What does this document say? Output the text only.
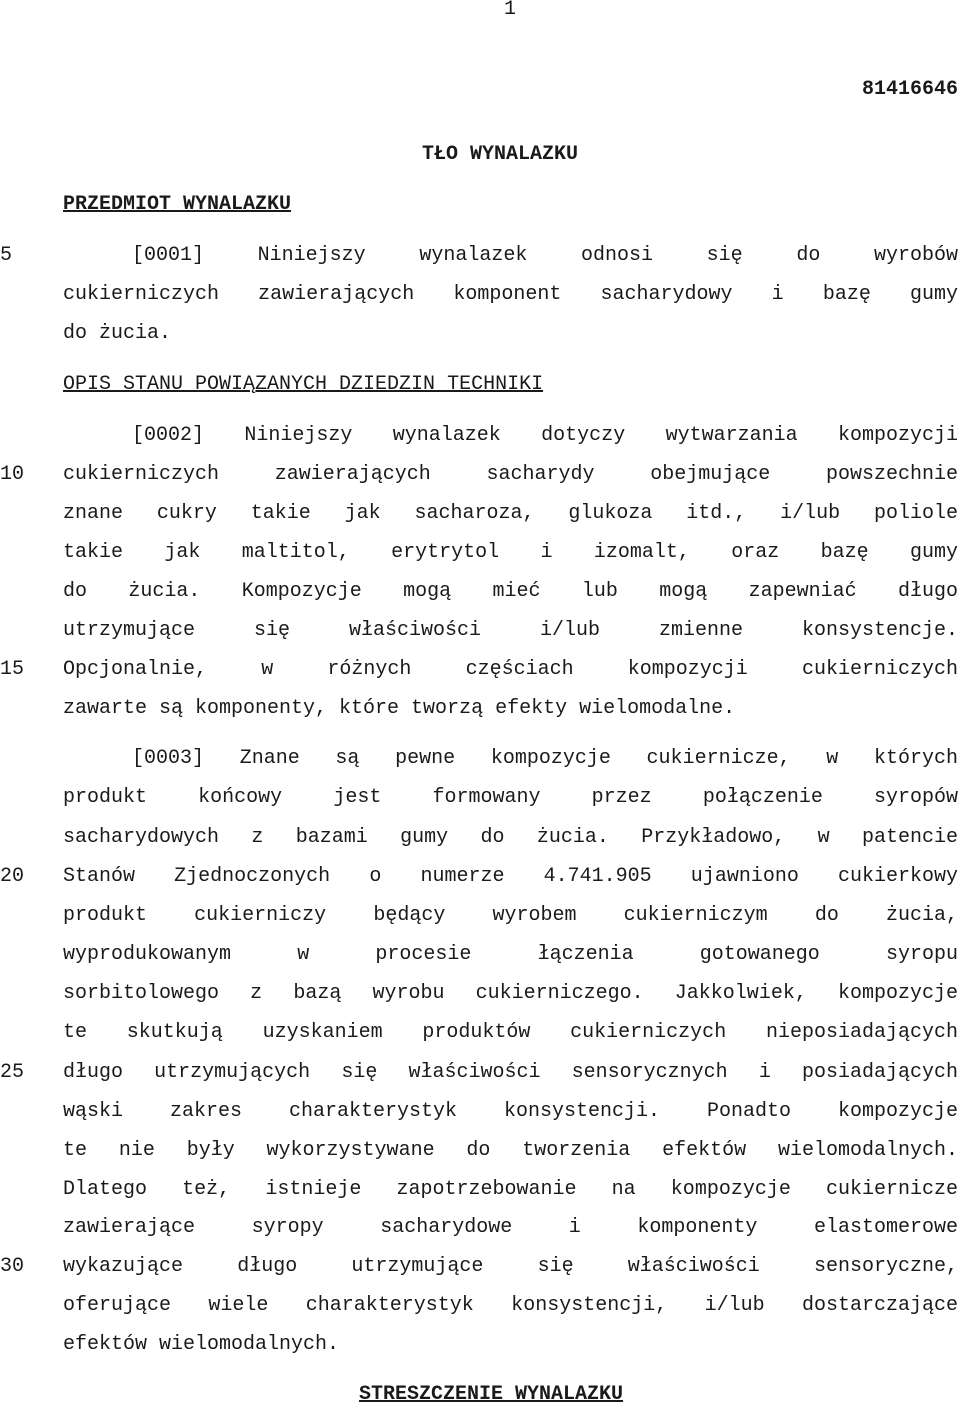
1
81416646
TŁO WYNALAZKU
PRZEDMIOT WYNALAZKU
5
10
15
20
25
30
[0001] Niniejszy wynalazek odnosi się do wyrobów
cukierniczych zawierających komponent sacharydowy i bazę gumy
do żucia.
OPIS STANU POWIĄZANYCH DZIEDZIN TECHNIKI
[0002] Niniejszy wynalazek dotyczy wytwarzania kompozycji
cukierniczych zawierających sacharydy obejmujące powszechnie
znane cukry takie jak sacharoza, glukoza itd., i/lub poliole
takie jak maltitol, erytrytol i izomalt, oraz bazę gumy
do żucia. Kompozycje mogą mieć lub mogą zapewniać długo
utrzymujące się właściwości i/lub zmienne konsystencje.
Opcjonalnie, w różnych częściach kompozycji cukierniczych
zawarte są komponenty, które tworzą efekty wielomodalne.
[0003] Znane są pewne kompozycje cukiernicze, w których
produkt końcowy jest formowany przez połączenie syropów
sacharydowych z bazami gumy do żucia. Przykładowo, w patencie
Stanów Zjednoczonych o numerze 4.741.905 ujawniono cukierkowy
produkt cukierniczy będący wyrobem cukierniczym do żucia,
wyprodukowanym w procesie łączenia gotowanego syropu
sorbitolowego z bazą wyrobu cukierniczego. Jakkolwiek, kompozycje
te skutkują uzyskaniem produktów cukierniczych nieposiadających
długo utrzymujących się właściwości sensorycznych i posiadających
wąski zakres charakterystyk konsystencji. Ponadto kompozycje
te nie były wykorzystywane do tworzenia efektów wielomodalnych.
Dlatego też, istnieje zapotrzebowanie na kompozycje cukiernicze
zawierające syropy sacharydowe i komponenty elastomerowe
wykazujące długo utrzymujące się właściwości sensoryczne,
oferujące wiele charakterystyk konsystencji, i/lub dostarczające
efektów wielomodalnych.
STRESZCZENIE WYNALAZKU
